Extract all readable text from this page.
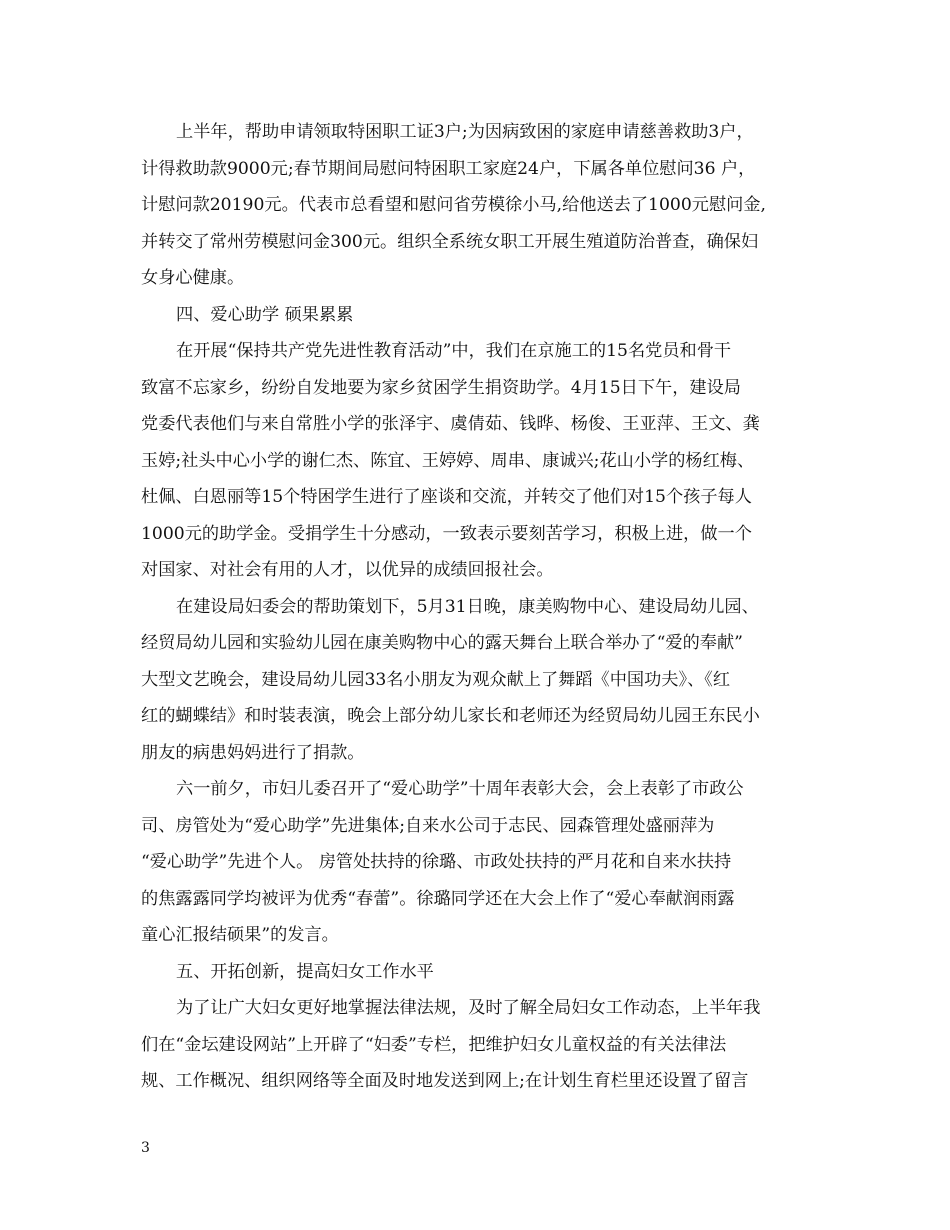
上半年，帮助申请领取特困职工证3户;为因病致困的家庭申请慈善救助3户，
计得救助款9000元;春节期间局慰问特困职工家庭24户，下属各单位慰问36 户，
计慰问款20190元。代表市总看望和慰问省劳模徐小马,给他送去了1000元慰问金,
并转交了常州劳模慰问金300元。组织全系统女职工开展生殖道防治普查，确保妇
女身心健康。
四、爱心助学 硕果累累
在开展“保持共产党先进性教育活动”中，我们在京施工的15名党员和骨干
致富不忘家乡，纷纷自发地要为家乡贫困学生捐资助学。4月15日下午，建设局
党委代表他们与来自常胜小学的张泽宇、虞倩茹、钱晔、杨俊、王亚萍、王文、龚
玉婷;社头中心小学的谢仁杰、陈宜、王婷婷、周串、康诚兴;花山小学的杨红梅、
杜佩、白恩丽等15个特困学生进行了座谈和交流，并转交了他们对15个孩子每人
1000元的助学金。受捐学生十分感动，一致表示要刻苦学习，积极上进，做一个
对国家、对社会有用的人才，以优异的成绩回报社会。
在建设局妇委会的帮助策划下，5月31日晚，康美购物中心、建设局幼儿园、
经贸局幼儿园和实验幼儿园在康美购物中心的露天舞台上联合举办了“爱的奉献”
大型文艺晚会，建设局幼儿园33名小朋友为观众献上了舞蹈《中国功夫》、《红
红的蝴蝶结》和时装表演，晚会上部分幼儿家长和老师还为经贸局幼儿园王东民小
朋友的病患妈妈进行了捐款。
六一前夕，市妇儿委召开了“爱心助学”十周年表彰大会，会上表彰了市政公
司、房管处为“爱心助学”先进集体;自来水公司于志民、园森管理处盛丽萍为
“爱心助学”先进个人。 房管处扶持的徐璐、市政处扶持的严月花和自来水扶持
的焦露露同学均被评为优秀“春蕾”。徐璐同学还在大会上作了“爱心奉献润雨露
童心汇报结硕果”的发言。
五、开拓创新，提高妇女工作水平
为了让广大妇女更好地掌握法律法规，及时了解全局妇女工作动态，上半年我
们在“金坛建设网站”上开辟了“妇委”专栏，把维护妇女儿童权益的有关法律法
规、工作概况、组织网络等全面及时地发送到网上;在计划生育栏里还设置了留言
3
